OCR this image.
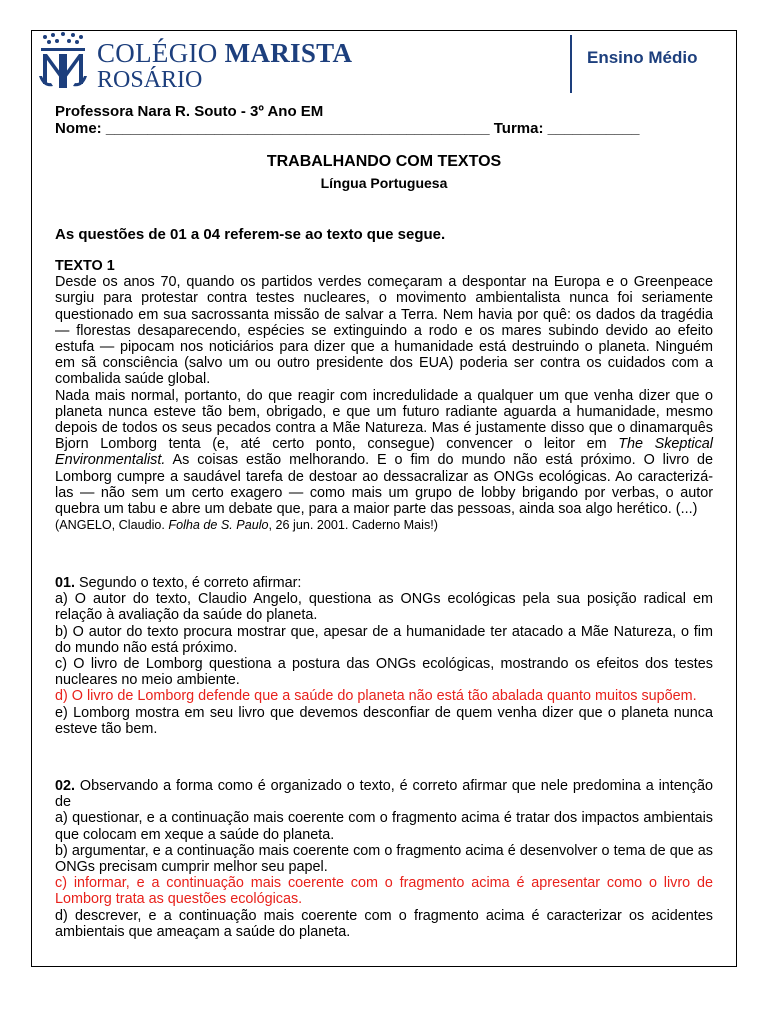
COLÉGIO MARISTA
ROSÁRIO
Ensino Médio
Professora Nara R. Souto - 3º Ano EM
Nome: ______________________________________________ Turma: ___________
TRABALHANDO COM TEXTOS
Língua Portuguesa
As questões de 01 a 04 referem-se ao texto que segue.

TEXTO 1

Desde os anos 70, quando os partidos verdes começaram a despontar na Europa e o Greenpeace surgiu para protestar contra testes nucleares, o movimento ambientalista nunca foi seriamente questionado em sua sacrossanta missão de salvar a Terra. Nem havia por quê: os dados da tragédia — florestas desaparecendo, espécies se extinguindo a rodo e os mares subindo devido ao efeito estufa — pipocam nos noticiários para dizer que a humanidade está destruindo o planeta. Ninguém em sã consciência (salvo um ou outro presidente dos EUA) poderia ser contra os cuidados com a combalida saúde global.

Nada mais normal, portanto, do que reagir com incredulidade a qualquer um que venha dizer que o planeta nunca esteve tão bem, obrigado, e que um futuro radiante aguarda a humanidade, mesmo depois de todos os seus pecados contra a Mãe Natureza. Mas é justamente disso que o dinamarquês Bjorn Lomborg tenta (e, até certo ponto, consegue) convencer o leitor em The Skeptical Environmentalist. As coisas estão melhorando. E o fim do mundo não está próximo. O livro de Lomborg cumpre a saudável tarefa de destoar ao dessacralizar as ONGs ecológicas. Ao caracterizá-las — não sem um certo exagero — como mais um grupo de lobby brigando por verbas, o autor quebra um tabu e abre um debate que, para a maior parte das pessoas, ainda soa algo herético. (...)

(ANGELO, Claudio. Folha de S. Paulo, 26 jun. 2001. Caderno Mais!)

01. Segundo o texto, é correto afirmar:

a) O autor do texto, Claudio Angelo, questiona as ONGs ecológicas pela sua posição radical em relação à avaliação da saúde do planeta.

b) O autor do texto procura mostrar que, apesar de a humanidade ter atacado a Mãe Natureza, o fim do mundo não está próximo.

c) O livro de Lomborg questiona a postura das ONGs ecológicas, mostrando os efeitos dos testes nucleares no meio ambiente.

d) O livro de Lomborg defende que a saúde do planeta não está tão abalada quanto muitos supõem.

e) Lomborg mostra em seu livro que devemos desconfiar de quem venha dizer que o planeta nunca esteve tão bem.

02. Observando a forma como é organizado o texto, é correto afirmar que nele predomina a intenção de

a) questionar, e a continuação mais coerente com o fragmento acima é tratar dos impactos ambientais que colocam em xeque a saúde do planeta.

b) argumentar, e a continuação mais coerente com o fragmento acima é desenvolver o tema de que as ONGs precisam cumprir melhor seu papel.

c) informar, e a continuação mais coerente com o fragmento acima é apresentar como o livro de Lomborg trata as questões ecológicas.

d) descrever, e a continuação mais coerente com o fragmento acima é caracterizar os acidentes ambientais que ameaçam a saúde do planeta.
